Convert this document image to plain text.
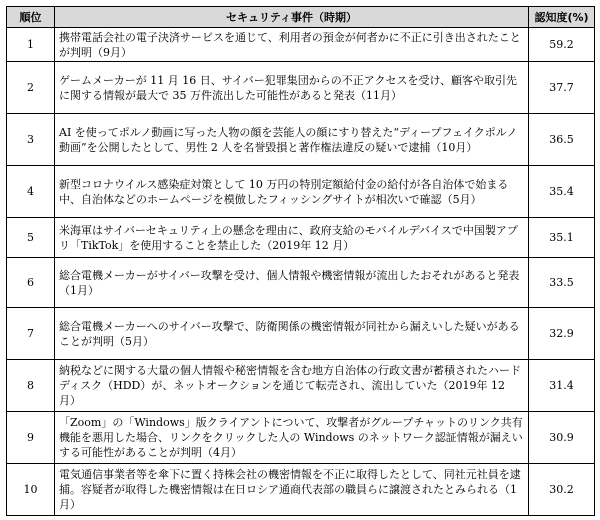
順位	セキュリティ事件（時期）	認知度(%)
1	携帯電話会社の電子決済サービスを通じて、利用者の預金が何者かに不正に引き出されたことが判明（9月）	59.2
2	ゲームメーカーが 11 月 16 日、サイバー犯罪集団からの不正アクセスを受け、顧客や取引先に関する情報が最大で 35 万件流出した可能性があると発表（11月）	37.7
3	AI を使ってポルノ動画に写った人物の顔を芸能人の顔にすり替えた“ディープフェイクポルノ動画”を公開したとして、男性 2 人を名誉毀損と著作権法違反の疑いで逮捕（10月）	36.5
4	新型コロナウイルス感染症対策として 10 万円の特別定額給付金の給付が各自治体で始まる中、自治体などのホームページを模倣したフィッシングサイトが相次いで確認（5月）	35.4
5	米海軍はサイバーセキュリティ上の懸念を理由に、政府支給のモバイルデバイスで中国製アプリ「TikTok」を使用することを禁止した（2019年 12 月）	35.1
6	総合電機メーカーがサイバー攻撃を受け、個人情報や機密情報が流出したおそれがあると発表（1月）	33.5
7	総合電機メーカーへのサイバー攻撃で、防衛関係の機密情報が同社から漏えいした疑いがあることが判明（5月）	32.9
8	納税などに関する大量の個人情報や秘密情報を含む地方自治体の行政文書が蓄積されたハードディスク（HDD）が、ネットオークションを通じて転売され、流出していた（2019年 12 月）	31.4
9	「Zoom」の「Windows」版クライアントについて、攻撃者がグループチャットのリンク共有機能を悪用した場合、リンクをクリックした人の Windows のネットワーク認証情報が漏えいする可能性があることが判明（4月）	30.9
10	電気通信事業者等を傘下に置く持株会社の機密情報を不正に取得したとして、同社元社員を逮捕。容疑者が取得した機密情報は在日ロシア通商代表部の職員らに譲渡されたとみられる（1月）	30.2
